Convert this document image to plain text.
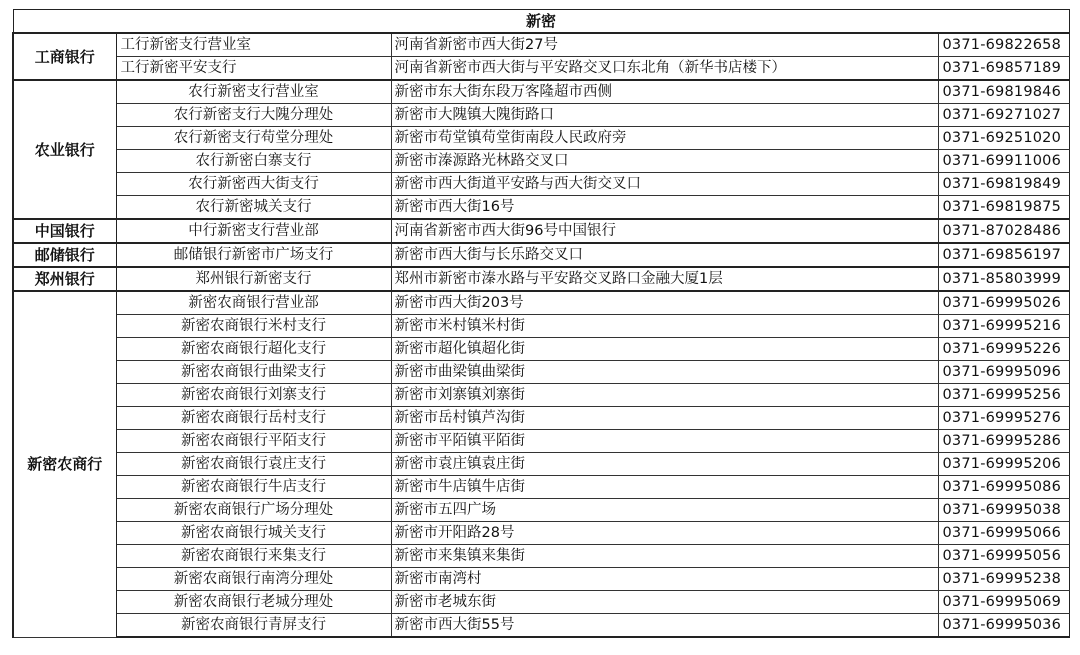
新密			
工商银行	工行新密支行营业室	河南省新密市西大街27号	0371-69822658
	工行新密平安支行	河南省新密市西大街与平安路交叉口东北角（新华书店楼下）	0371-69857189
农业银行	农行新密支行营业室	新密市东大街东段万客隆超市西侧	0371-69819846
	农行新密支行大隗分理处	新密市大隗镇大隗街路口	0371-69271027
	农行新密支行苟堂分理处	新密市苟堂镇苟堂街南段人民政府旁	0371-69251020
	农行新密白寨支行	新密市溱源路光林路交叉口	0371-69911006
	农行新密西大街支行	新密市西大街道平安路与西大街交叉口	0371-69819849
	农行新密城关支行	新密市西大街16号	0371-69819875
中国银行	中行新密支行营业部	河南省新密市西大街96号中国银行	0371-87028486
邮储银行	邮储银行新密市广场支行	新密市西大街与长乐路交叉口	0371-69856197
郑州银行	郑州银行新密支行	郑州市新密市溱水路与平安路交叉路口金融大厦1层	0371-85803999
新密农商行	新密农商银行营业部	新密市西大街203号	0371-69995026
	新密农商银行米村支行	新密市米村镇米村街	0371-69995216
	新密农商银行超化支行	新密市超化镇超化街	0371-69995226
	新密农商银行曲梁支行	新密市曲梁镇曲梁街	0371-69995096
	新密农商银行刘寨支行	新密市刘寨镇刘寨街	0371-69995256
	新密农商银行岳村支行	新密市岳村镇芦沟街	0371-69995276
	新密农商银行平陌支行	新密市平陌镇平陌街	0371-69995286
	新密农商银行袁庄支行	新密市袁庄镇袁庄街	0371-69995206
	新密农商银行牛店支行	新密市牛店镇牛店街	0371-69995086
	新密农商银行广场分理处	新密市五四广场	0371-69995038
	新密农商银行城关支行	新密市开阳路28号	0371-69995066
	新密农商银行来集支行	新密市来集镇来集街	0371-69995056
	新密农商银行南湾分理处	新密市南湾村	0371-69995238
	新密农商银行老城分理处	新密市老城东街	0371-69995069
	新密农商银行青屏支行	新密市西大街55号	0371-69995036
